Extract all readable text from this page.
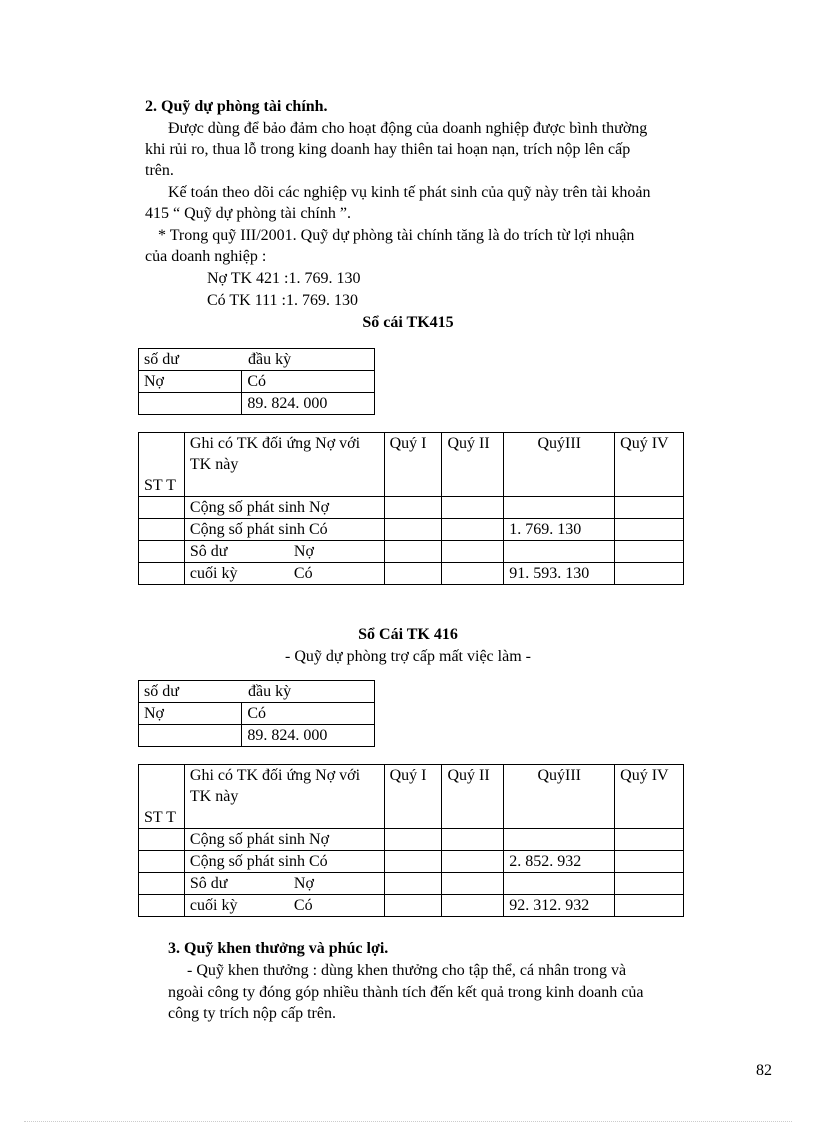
2. Quỹ dự phòng tài chính.
Được dùng để bảo đảm cho hoạt động của doanh nghiệp được bình thường
khi rủi ro, thua lỗ trong king doanh hay thiên tai hoạn nạn, trích nộp lên cấp
trên.
Kế toán theo dõi các nghiệp vụ kinh tế phát sinh của quỹ này trên tài khoản
415 “ Quỹ dự phòng tài chính ”.
* Trong quỹ III/2001. Quỹ dự phòng tài chính tăng là do trích từ lợi nhuận
của doanh nghiệp :
Nợ TK 421 :1. 769. 130
Có TK 111 :1. 769. 130
Sổ cái TK415
số dư đầu kỳ	
Nợ	Có
	89. 824. 000
ST T	Ghi có TK đối ứng Nợ với TK này	Quý I	Quý II	QuýIII	Quý IV
	Cộng số phát sinh Nợ				
	Cộng số phát sinh Có			1. 769. 130	
	Sô dư Nợ				
	cuối kỳ Có			91. 593. 130	
Sổ Cái TK 416
- Quỹ dự phòng trợ cấp mất việc làm -
số dư đầu kỳ	
Nợ	Có
	89. 824. 000
ST T	Ghi có TK đối ứng Nợ với TK này	Quý I	Quý II	QuýIII	Quý IV
	Cộng số phát sinh Nợ				
	Cộng số phát sinh Có			2. 852. 932	
	Sô dư Nợ				
	cuối kỳ Có			92. 312. 932	
3. Quỹ khen thưởng và phúc lợi.
- Quỹ khen thưởng : dùng khen thưởng cho tập thể, cá nhân trong và
ngoài công ty đóng góp nhiều thành tích đến kết quả trong kinh doanh của
công ty trích nộp cấp trên.
82
